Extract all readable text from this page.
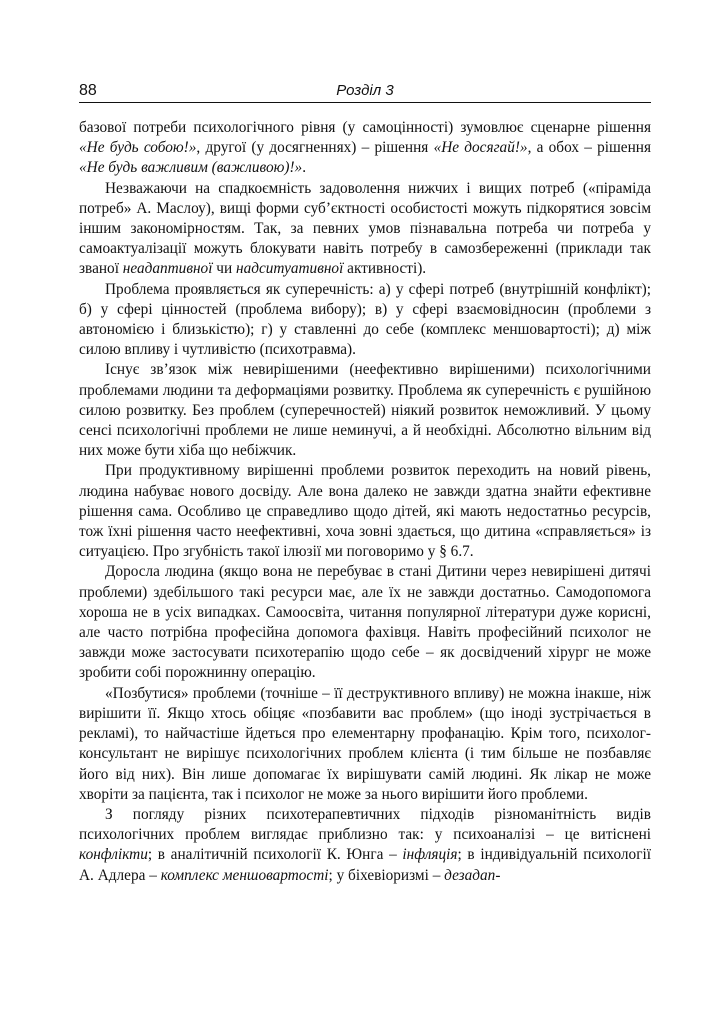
88	Розділ 3

базової потреби психологічного рівня (у самоцінності) зумовлює сценарне рішення «Не будь собою!», другої (у досягненнях) – рішення «Не досягай!», а обох – рішення «Не будь важливим (важливою)!».

Незважаючи на спадкоємність задоволення нижчих і вищих потреб («піраміда потреб» А. Маслоу), вищі форми суб’єктності особистості можуть підкорятися зовсім іншим закономірностям. Так, за певних умов пізнавальна потреба чи потреба у самоактуалізації можуть блокувати навіть потребу в самозбереженні (приклади так званої неадаптивної чи надситуативної активності).

Проблема проявляється як суперечність: а) у сфері потреб (внутрішній конфлікт); б) у сфері цінностей (проблема вибору); в) у сфері взаємовідносин (проблеми з автономією і близькістю); г) у ставленні до себе (комплекс меншовартості); д) між силою впливу і чутливістю (психотравма).

Існує зв’язок між невирішеними (неефективно вирішеними) психологічними проблемами людини та деформаціями розвитку. Проблема як суперечність є рушійною силою розвитку. Без проблем (суперечностей) ніякий розвиток неможливий. У цьому сенсі психологічні проблеми не лише неминучі, а й необхідні. Абсолютно вільним від них може бути хіба що небіжчик.

При продуктивному вирішенні проблеми розвиток переходить на новий рівень, людина набуває нового досвіду. Але вона далеко не завжди здатна знайти ефективне рішення сама. Особливо це справедливо щодо дітей, які мають недостатньо ресурсів, тож їхні рішення часто неефективні, хоча зовні здається, що дитина «справляється» із ситуацією. Про згубність такої ілюзії ми поговоримо у § 6.7.

Доросла людина (якщо вона не перебуває в стані Дитини через невирішені дитячі проблеми) здебільшого такі ресурси має, але їх не завжди достатньо. Самодопомога хороша не в усіх випадках. Самоосвіта, читання популярної літератури дуже корисні, але часто потрібна професійна допомога фахівця. Навіть професійний психолог не завжди може застосувати психотерапію щодо себе – як досвідчений хірург не може зробити собі порожнинну операцію.

«Позбутися» проблеми (точніше – її деструктивного впливу) не можна інакше, ніж вирішити її. Якщо хтось обіцяє «позбавити вас проблем» (що іноді зустрічається в рекламі), то найчастіше йдеться про елементарну профанацію. Крім того, психолог-консультант не вирішує психологічних проблем клієнта (і тим більше не позбавляє його від них). Він лише допомагає їх вирішувати самій людині. Як лікар не може хворіти за пацієнта, так і психолог не може за нього вирішити його проблеми.

З погляду різних психотерапевтичних підходів різноманітність видів психологічних проблем виглядає приблизно так: у психоаналізі – це витіснені конфлікти; в аналітичній психології К. Юнга – інфляція; в індивідуальній психології А. Адлера – комплекс меншовартості; у біхевіоризмі – дезадап-
